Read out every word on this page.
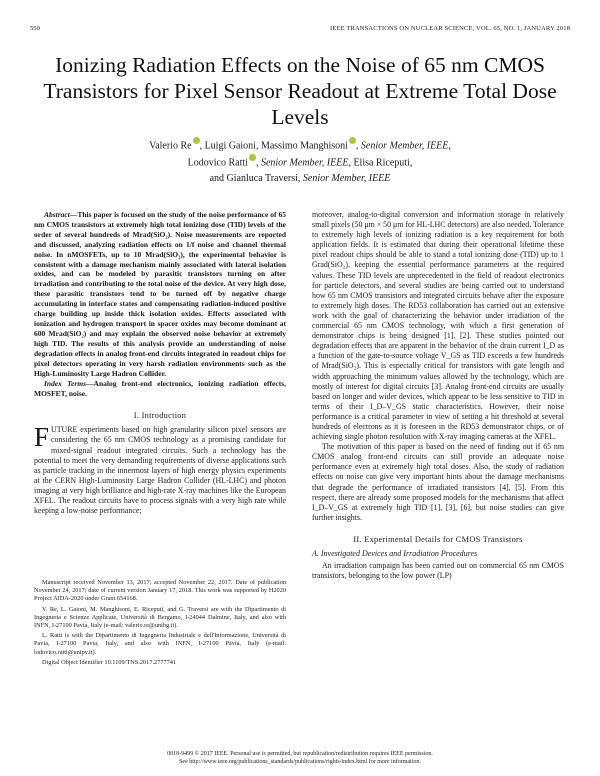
550	IEEE TRANSACTIONS ON NUCLEAR SCIENCE, VOL. 65, NO. 1, JANUARY 2018
Ionizing Radiation Effects on the Noise of 65 nm CMOS Transistors for Pixel Sensor Readout at Extreme Total Dose Levels
Valerio Re , Luigi Gaioni, Massimo Manghisoni , Senior Member, IEEE,
Lodovico Ratti , Senior Member, IEEE, Elisa Riceputi,
and Gianluca Traversi, Senior Member, IEEE

Abstract—This paper is focused on the study of the noise performance of 65 nm CMOS transistors at extremely high total ionizing dose (TID) levels of the order of several hundreds of Mrad(SiO₂). Noise measurements are reported and discussed, analyzing radiation effects on 1/f noise and channel thermal noise. In nMOSFETs, up to 10 Mrad(SiO₂), the experimental behavior is consistent with a damage mechanism mainly associated with lateral isolation oxides, and can be modeled by parasitic transistors turning on after irradiation and contributing to the total noise of the device. At very high dose, these parasitic transistors tend to be turned off by negative charge accumulating in interface states and compensating radiation-induced positive charge building up inside thick isolation oxides. Effects associated with ionization and hydrogen transport in spacer oxides may become dominant at 600 Mrad(SiO₂) and may explain the observed noise behavior at extremely high TID. The results of this analysis provide an understanding of noise degradation effects in analog front-end circuits integrated in readout chips for pixel detectors operating in very harsh radiation environments such as the High-Luminosity Large Hadron Collider.

Index Terms—Analog front-end electronics, ionizing radiation effects, MOSFET, noise.

I. Introduction

FUTURE experiments based on high granularity silicon pixel sensors are considering the 65 nm CMOS technology as a promising candidate for mixed-signal readout integrated circuits. Such a technology has the potential to meet the very demanding requirements of diverse applications such as particle tracking in the innermost layers of high energy physics experiments at the CERN High-Luminosity Large Hadron Collider (HL-LHC) and photon imaging at very high brilliance and high-rate X-ray machines like the European XFEL. The readout circuits have to process signals with a very high rate while keeping a low-noise performance;

Manuscript received November 13, 2017; accepted November 22, 2017. Date of publication November 24, 2017; date of current version January 17, 2018. This work was supported by H2020 Project AIDA-2020 under Grant 654168.

V. Re, L. Gaioni, M. Manghisoni, E. Riceputi, and G. Traversi are with the Dipartimento di Ingegneria e Scienze Applicate, Università di Bergamo, I-24044 Dalmine, Italy, and also with INFN, I-27100 Pavia, Italy (e-mail: valerio.re@unibg.it).

L. Ratti is with the Dipartimento di Ingegneria Industriale e dell'Informazione, Università di Pavia, I-27100 Pavia, Italy, and also with INFN, I-27100 Pavia, Italy (e-mail: lodovico.ratti@unipv.it).

Digital Object Identifier 10.1109/TNS.2017.2777741

moreover, analog-to-digital conversion and information storage in relatively small pixels (50 μm × 50 μm for HL-LHC detectors) are also needed. Tolerance to extremely high levels of ionizing radiation is a key requirement for both application fields. It is estimated that during their operational lifetime these pixel readout chips should be able to stand a total ionizing dose (TID) up to 1 Grad(SiO₂), keeping the essential performance parameters at the required values. These TID levels are unprecedented in the field of readout electronics for particle detectors, and several studies are being carried out to understand how 65 nm CMOS transistors and integrated circuits behave after the exposure to extremely high doses. The RD53 collaboration has carried out an extensive work with the goal of characterizing the behavior under irradiation of the commercial 65 nm CMOS technology, with which a first generation of demonstrator chips is being designed [1], [2]. These studies pointed out degradation effects that are apparent in the behavior of the drain current I_D as a function of the gate-to-source voltage V_GS as TID exceeds a few hundreds of Mrad(SiO₂). This is especially critical for transistors with gate length and width approaching the minimum values allowed by the technology, which are mostly of interest for digital circuits [3]. Analog front-end circuits are usually based on longer and wider devices, which appear to be less sensitive to TID in terms of their I_D–V_GS static characteristics. However, their noise performance is a critical parameter in view of setting a hit threshold at several hundreds of electrons as it is foreseen in the RD53 demonstrator chips, or of achieving single photon resolution with X-ray imaging cameras at the XFEL.

The motivation of this paper is based on the need of finding out if 65 nm CMOS analog front-end circuits can still provide an adequate noise performance even at extremely high total doses. Also, the study of radiation effects on noise can give very important hints about the damage mechanisms that degrade the performance of irradiated transistors [4], [5]. From this respect, there are already some proposed models for the mechanisms that affect I_D–V_GS at extremely high TID [1], [3], [6], but noise studies can give further insights.

II. Experimental Details for CMOS Transistors
A. Investigated Devices and Irradiation Procedures

An irradiation campaign has been carried out on commercial 65 nm CMOS transistors, belonging to the low power (LP)

0018-9499 © 2017 IEEE. Personal use is permitted, but republication/redistribution requires IEEE permission.
See http://www.ieee.org/publications_standards/publications/rights/index.html for more information.
